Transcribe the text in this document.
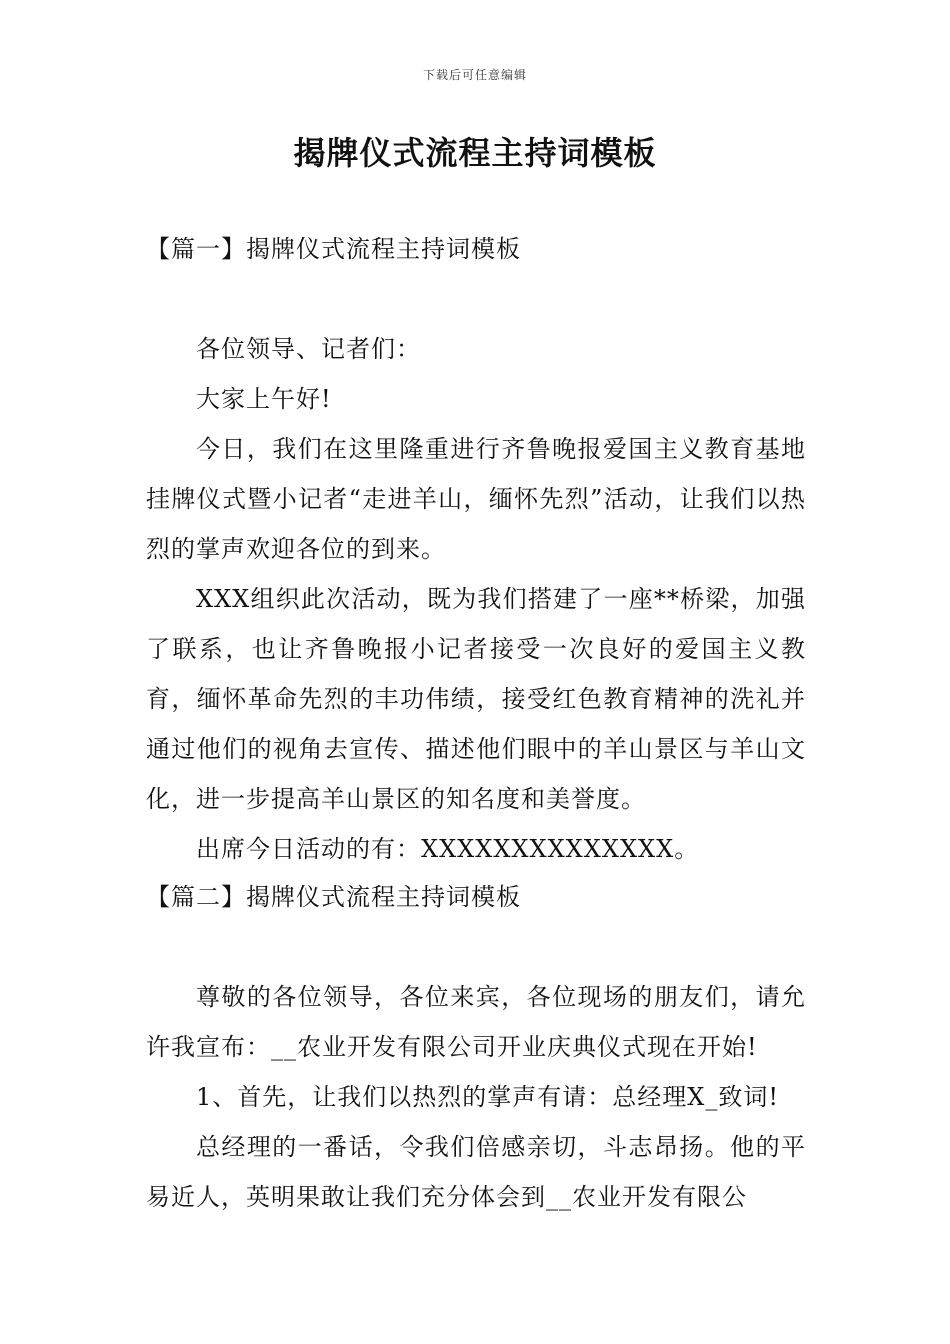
下载后可任意编辑
揭牌仪式流程主持词模板
【篇一】揭牌仪式流程主持词模板

各位领导、记者们：

大家上午好!

今日，我们在这里隆重进行齐鲁晚报爱国主义教育基地挂牌仪式暨小记者“走进羊山，缅怀先烈”活动，让我们以热烈的掌声欢迎各位的到来。

XXX组织此次活动，既为我们搭建了一座**桥梁，加强了联系，也让齐鲁晚报小记者接受一次良好的爱国主义教育，缅怀革命先烈的丰功伟绩，接受红色教育精神的洗礼并通过他们的视角去宣传、描述他们眼中的羊山景区与羊山文化，进一步提高羊山景区的知名度和美誉度。

出席今日活动的有：XXXXXXXXXXXXXX。

【篇二】揭牌仪式流程主持词模板

尊敬的各位领导，各位来宾，各位现场的朋友们，请允许我宣布：__农业开发有限公司开业庆典仪式现在开始!

1、首先，让我们以热烈的掌声有请：总经理X_致词!

总经理的一番话，令我们倍感亲切，斗志昂扬。他的平易近人，英明果敢让我们充分体会到__农业开发有限公
